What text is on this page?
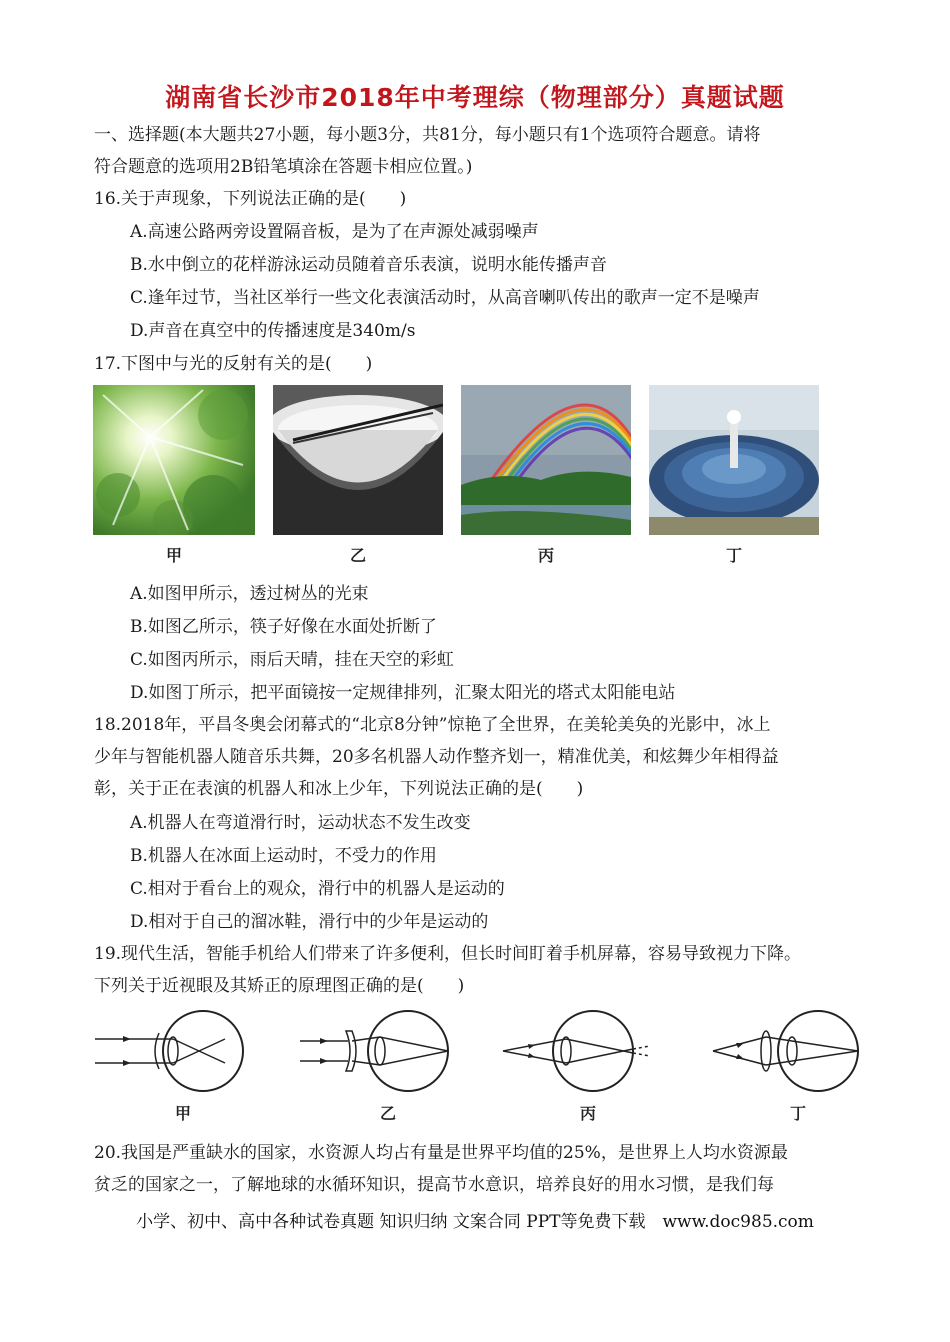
湖南省长沙市2018年中考理综（物理部分）真题试题
一、选择题(本大题共27小题，每小题3分，共81分，每小题只有1个选项符合题意。请将
符合题意的选项用2B铅笔填涂在答题卡相应位置。)
16.关于声现象，下列说法正确的是(　　)
A.高速公路两旁设置隔音板，是为了在声源处减弱噪声
B.水中倒立的花样游泳运动员随着音乐表演，说明水能传播声音
C.逢年过节，当社区举行一些文化表演活动时，从高音喇叭传出的歌声一定不是噪声
D.声音在真空中的传播速度是340m/s
17.下图中与光的反射有关的是(　　)
甲	乙	丙	丁
A.如图甲所示，透过树丛的光束
B.如图乙所示，筷子好像在水面处折断了
C.如图丙所示，雨后天晴，挂在天空的彩虹
D.如图丁所示，把平面镜按一定规律排列，汇聚太阳光的塔式太阳能电站
18.2018年，平昌冬奥会闭幕式的“北京8分钟”惊艳了全世界，在美轮美奂的光影中，冰上
少年与智能机器人随音乐共舞，20多名机器人动作整齐划一，精准优美，和炫舞少年相得益
彰，关于正在表演的机器人和冰上少年，下列说法正确的是(　　)
A.机器人在弯道滑行时，运动状态不发生改变
B.机器人在冰面上运动时，不受力的作用
C.相对于看台上的观众，滑行中的机器人是运动的
D.相对于自己的溜冰鞋，滑行中的少年是运动的
19.现代生活，智能手机给人们带来了许多便利，但长时间盯着手机屏幕，容易导致视力下降。
下列关于近视眼及其矫正的原理图正确的是(　　)
甲	乙	丙	丁
20.我国是严重缺水的国家，水资源人均占有量是世界平均值的25%，是世界上人均水资源最
贫乏的国家之一，了解地球的水循环知识，提高节水意识，培养良好的用水习惯，是我们每
小学、初中、高中各种试卷真题 知识归纳 文案合同 PPT等免费下载　www.doc985.com
